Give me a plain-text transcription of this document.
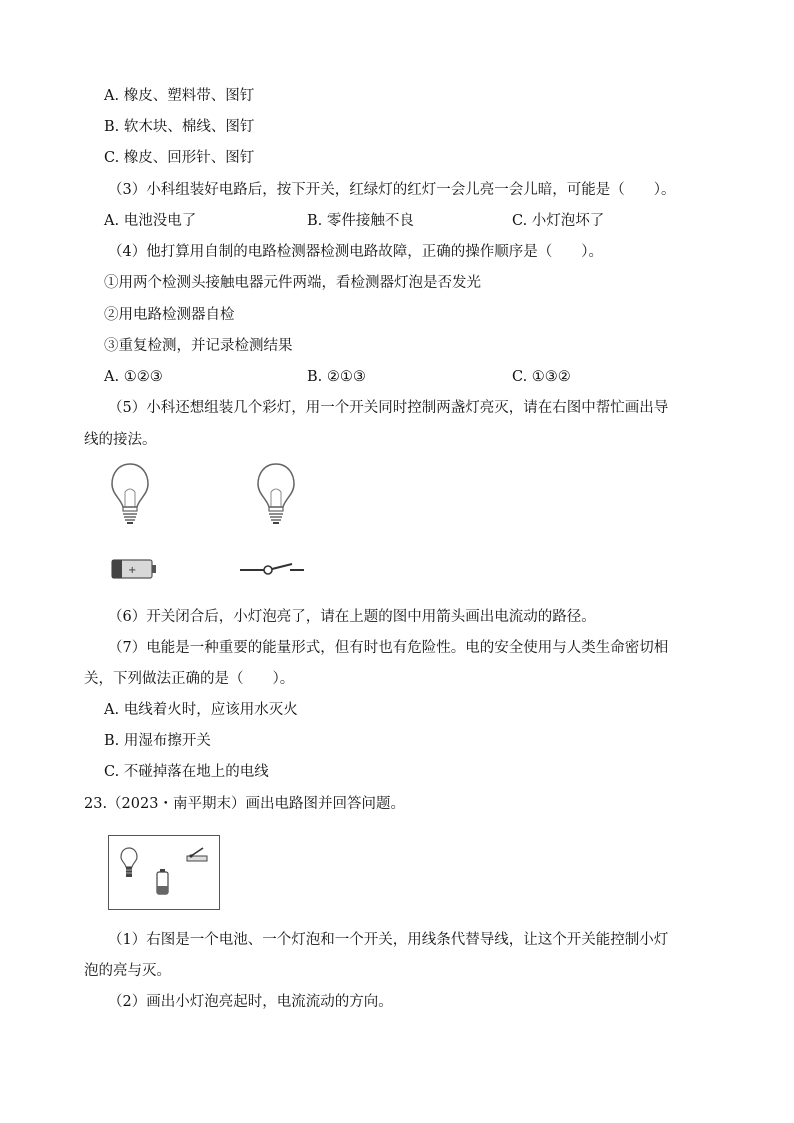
A. 橡皮、塑料带、图钉
B. 软木块、棉线、图钉
C. 橡皮、回形针、图钉
（3）小科组装好电路后，按下开关，红绿灯的红灯一会儿亮一会儿暗，可能是（　　）。
A. 电池没电了	B. 零件接触不良	C. 小灯泡坏了
（4）他打算用自制的电路检测器检测电路故障，正确的操作顺序是（　　）。
①用两个检测头接触电器元件两端，看检测器灯泡是否发光
②用电路检测器自检
③重复检测，并记录检测结果
A. ①②③	B. ②①③	C. ①③②
（5）小科还想组装几个彩灯，用一个开关同时控制两盏灯亮灭，请在右图中帮忙画出导
线的接法。
+
（6）开关闭合后，小灯泡亮了，请在上题的图中用箭头画出电流动的路径。
（7）电能是一种重要的能量形式，但有时也有危险性。电的安全使用与人类生命密切相
关，下列做法正确的是（　　）。
A. 电线着火时，应该用水灭火
B. 用湿布擦开关
C. 不碰掉落在地上的电线
23.（2023・南平期末）画出电路图并回答问题。
（1）右图是一个电池、一个灯泡和一个开关，用线条代替导线，让这个开关能控制小灯
泡的亮与灭。
（2）画出小灯泡亮起时，电流流动的方向。
